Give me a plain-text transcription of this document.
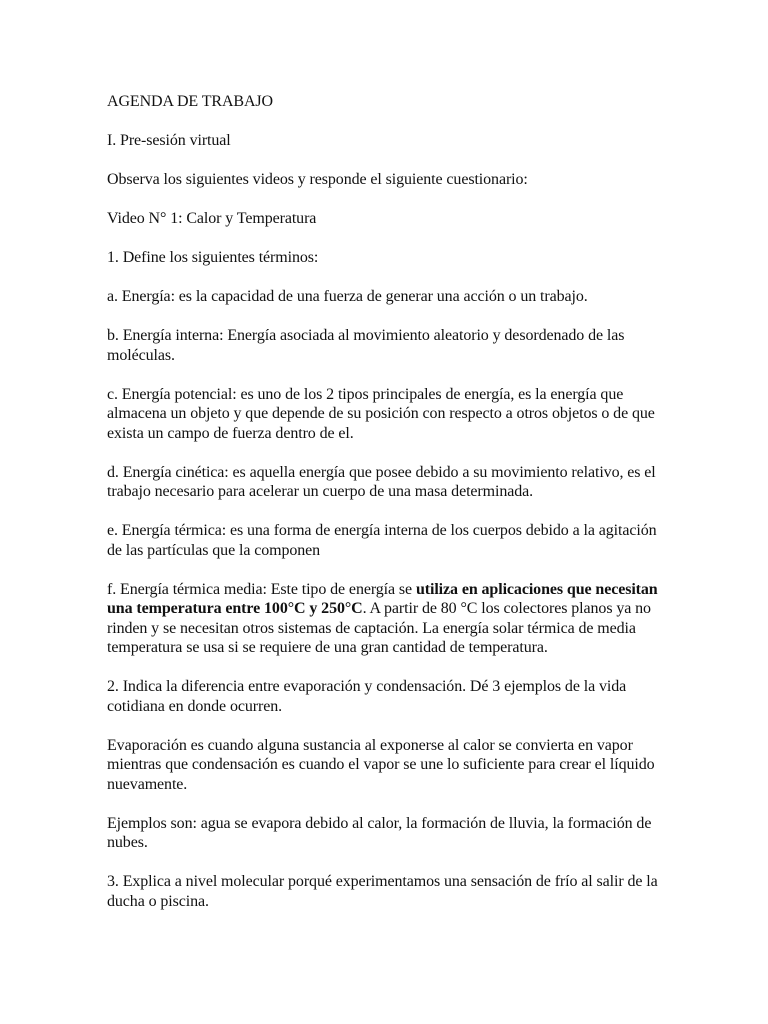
AGENDA DE TRABAJO

I. Pre-sesión virtual

Observa los siguientes videos y responde el siguiente cuestionario:

Video N° 1: Calor y Temperatura

1. Define los siguientes términos:

a. Energía: es la capacidad de una fuerza de generar una acción o un trabajo.

b. Energía interna: Energía asociada al movimiento aleatorio y desordenado de las moléculas.

c. Energía potencial: es uno de los 2 tipos principales de energía, es la energía que almacena un objeto y que depende de su posición con respecto a otros objetos o de que exista un campo de fuerza dentro de el.

d. Energía cinética: es aquella energía que posee debido a su movimiento relativo, es el trabajo necesario para acelerar un cuerpo de una masa determinada.

e. Energía térmica: es una forma de energía interna de los cuerpos debido a la agitación de las partículas que la componen

f. Energía térmica media: Este tipo de energía se utiliza en aplicaciones que necesitan una temperatura entre 100°C y 250°C. A partir de 80 °C los colectores planos ya no rinden y se necesitan otros sistemas de captación. La energía solar térmica de media temperatura se usa si se requiere de una gran cantidad de temperatura.

2. Indica la diferencia entre evaporación y condensación. Dé 3 ejemplos de la vida cotidiana en donde ocurren.

Evaporación es cuando alguna sustancia al exponerse al calor se convierta en vapor mientras que condensación es cuando el vapor se une lo suficiente para crear el líquido nuevamente.

Ejemplos son: agua se evapora debido al calor, la formación de lluvia, la formación de nubes.

3. Explica a nivel molecular porqué experimentamos una sensación de frío al salir de la ducha o piscina.
